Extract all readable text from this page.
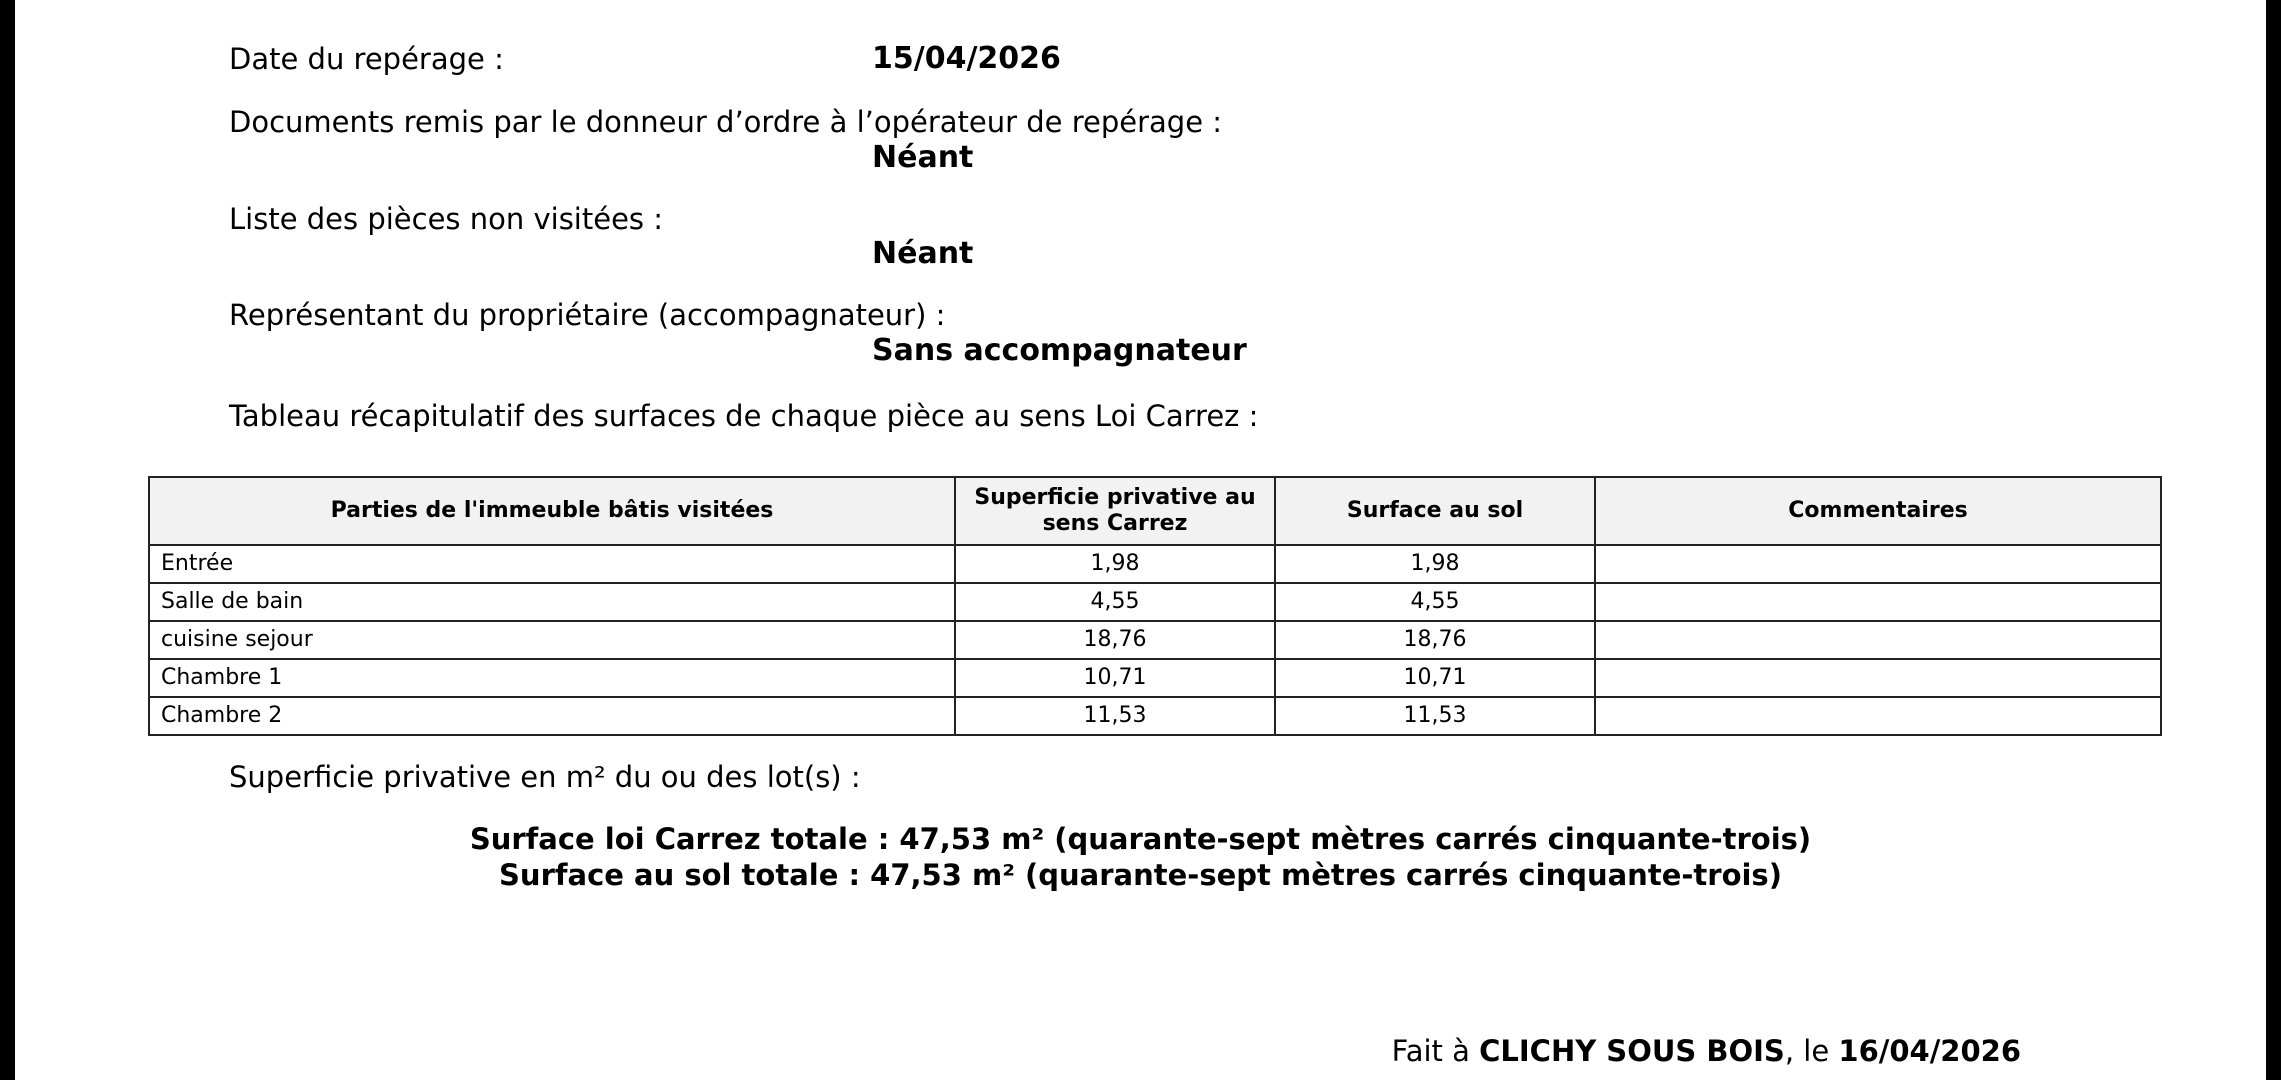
Date du repérage :	15/04/2026
Documents remis par le donneur d’ordre à l’opérateur de repérage :
Néant
Liste des pièces non visitées :
Néant
Représentant du propriétaire (accompagnateur) :
Sans accompagnateur
Tableau récapitulatif des surfaces de chaque pièce au sens Loi Carrez :
Parties de l'immeuble bâtis visitées	Superficie privative au sens Carrez	Surface au sol	Commentaires
Entrée	1,98	1,98	
Salle de bain	4,55	4,55	
cuisine sejour	18,76	18,76	
Chambre 1	10,71	10,71	
Chambre 2	11,53	11,53	
Superficie privative en m² du ou des lot(s) :
Surface loi Carrez totale : 47,53 m² (quarante-sept mètres carrés cinquante-trois)
Surface au sol totale : 47,53 m² (quarante-sept mètres carrés cinquante-trois)
Fait à CLICHY SOUS BOIS, le 16/04/2026
